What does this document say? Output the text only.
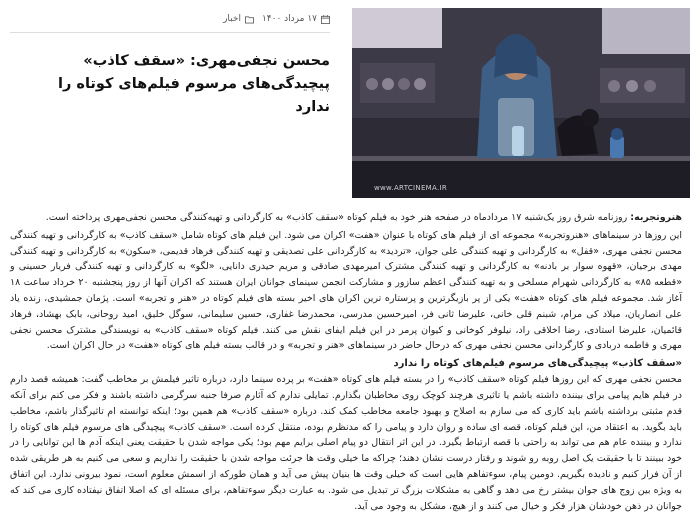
www.ARTCINEMA.IR
۱۷ مرداد ۱۴۰۰
اخبار
محسن نجفی‌مهری: «سقف کاذب» پیچیدگی‌های مرسوم فیلم‌های کوتاه را ندارد

هنروتجربه: روزنامه شرق روز یک‌شنبه ۱۷ مردادماه در صفحه هنر خود به فیلم کوتاه «سقف کاذب» به کارگردانی و تهیه‌کنندگی محسن نجفی‌مهری پرداخته است.

این روزها در سینماهای «هنروتجربه» مجموعه ای از فیلم های کوتاه با عنوان «هفت» اکران می شود. این فیلم های کوتاه شامل «سقف کاذب» به کارگردانی و تهیه کنندگی محسن نجفی مهری، «قفل» به کارگردانی و تهیه کنندگی علی جوان، «تردید» به کارگردانی علی تصدیقی و تهیه کنندگی فرهاد قدیمی، «سکون» به کارگردانی و تهیه کنندگی مهدی برجیان، «قهوه سوار بر بادنه» به کارگردانی و تهیه کنندگی مشترک امیرمهدی صادقی و مریم حیدری دانایی، «لگو» به کارگردانی و تهیه کنندگی فریار حسینی و «قطعه ۸۵» به کارگردانی شهرام مسلخی و به تهیه کنندگی اعظم سازور و مشارکت انجمن سینمای جوانان ایران هستند که اکران آنها از روز پنجشنبه ۲۰ خرداد ساعت ۱۸ آغاز شد. مجموعه فیلم های کوتاه «هفت» یکی از پر بازیگرترین و پرستاره ترین اکران های اخیر بسته های فیلم کوتاه در «هنر و تجربه» است. پژمان جمشیدی، زنده یاد علی انصاریان، میلاد کی مرام، شبنم قلی خانی، علیرضا ثانی فر، امیرحسین مدرسی، محمدرضا غفاری، حسین سلیمانی، سوگل خلیق، امید روحانی، بابک بهشاد، فرهاد قائمیان، علیرضا استادی، رضا اخلاقی راد، نیلوفر کوخانی و کیوان پرمر در این فیلم ایفای نقش می کنند. فیلم کوتاه «سقف کاذب» به نویسندگی مشترک محسن نجفی مهری و فاطمه دربادی و کارگردانی محسن نجفی مهری که درحال حاضر در سینماهای «هنر و تجربه» و در قالب بسته فیلم های کوتاه «هفت» در حال اکران است.

«سقف کاذب» پیچیدگی‌های مرسوم فیلم‌های کوتاه را ندارد

محسن نجفی مهری که این روزها فیلم کوتاه «سقف کاذب» را در بسته فیلم های کوتاه «هفت» بر پرده سینما دارد، درباره تاثیر فیلمش بر مخاطب گفت: همیشه قصد دارم در فیلم هایم پیامی برای بیننده داشته باشم یا تاثیری هرچند کوچک روی مخاطبان بگذارم. تمایلی ندارم که آثارم صرفا جنبه سرگرمی داشته باشند و فکر می کنم برای آنکه قدم مثبتی برداشته باشم باید کاری که می سازم به اصلاح و بهبود جامعه مخاطب کمک کند. درباره «سقف کاذب» هم همین بود؛ اینکه توانسته ام تاثیرگذار باشم، مخاطب باید بگوید. به اعتقاد من، این فیلم کوتاه، قصه ای ساده و روان دارد و پیامی را که مدنظرم بوده، منتقل کرده است. «سقف کاذب» پیچیدگی های مرسوم فیلم های کوتاه را ندارد و بیننده عام هم می تواند به راحتی با قصه ارتباط بگیرد. در این اثر انتقال دو پیام اصلی برایم مهم بود؛ یکی مواجه شدن با حقیقت یعنی اینکه آدم ها این توانایی را در خود ببینند تا با حقیقت یک اصل روبه رو شوند و رفتار درست نشان دهند؛ چراکه ما خیلی وقت ها جرئت مواجه شدن با حقیقت را نداریم و سعی می کنیم به هر طریقی شده از آن فرار کنیم و نادیده بگیریم. دومین پیام، سوءتفاهم هایی است که خیلی وقت ها بنیان پیش می آید و همان طورکه از اسمش معلوم است، نمود بیرونی ندارد. این اتفاق به ویژه بین زوج های جوان بیشتر رخ می دهد و گاهی به مشکلات بزرگ تر تبدیل می شود. به عبارت دیگر سوءتفاهم، برای مسئله ای که اصلا اتفاق نیفتاده کاری می کند که جوانان در ذهن خودشان هزار فکر و خیال می کنند و از هیچ، مشکل به وجود می آید.
